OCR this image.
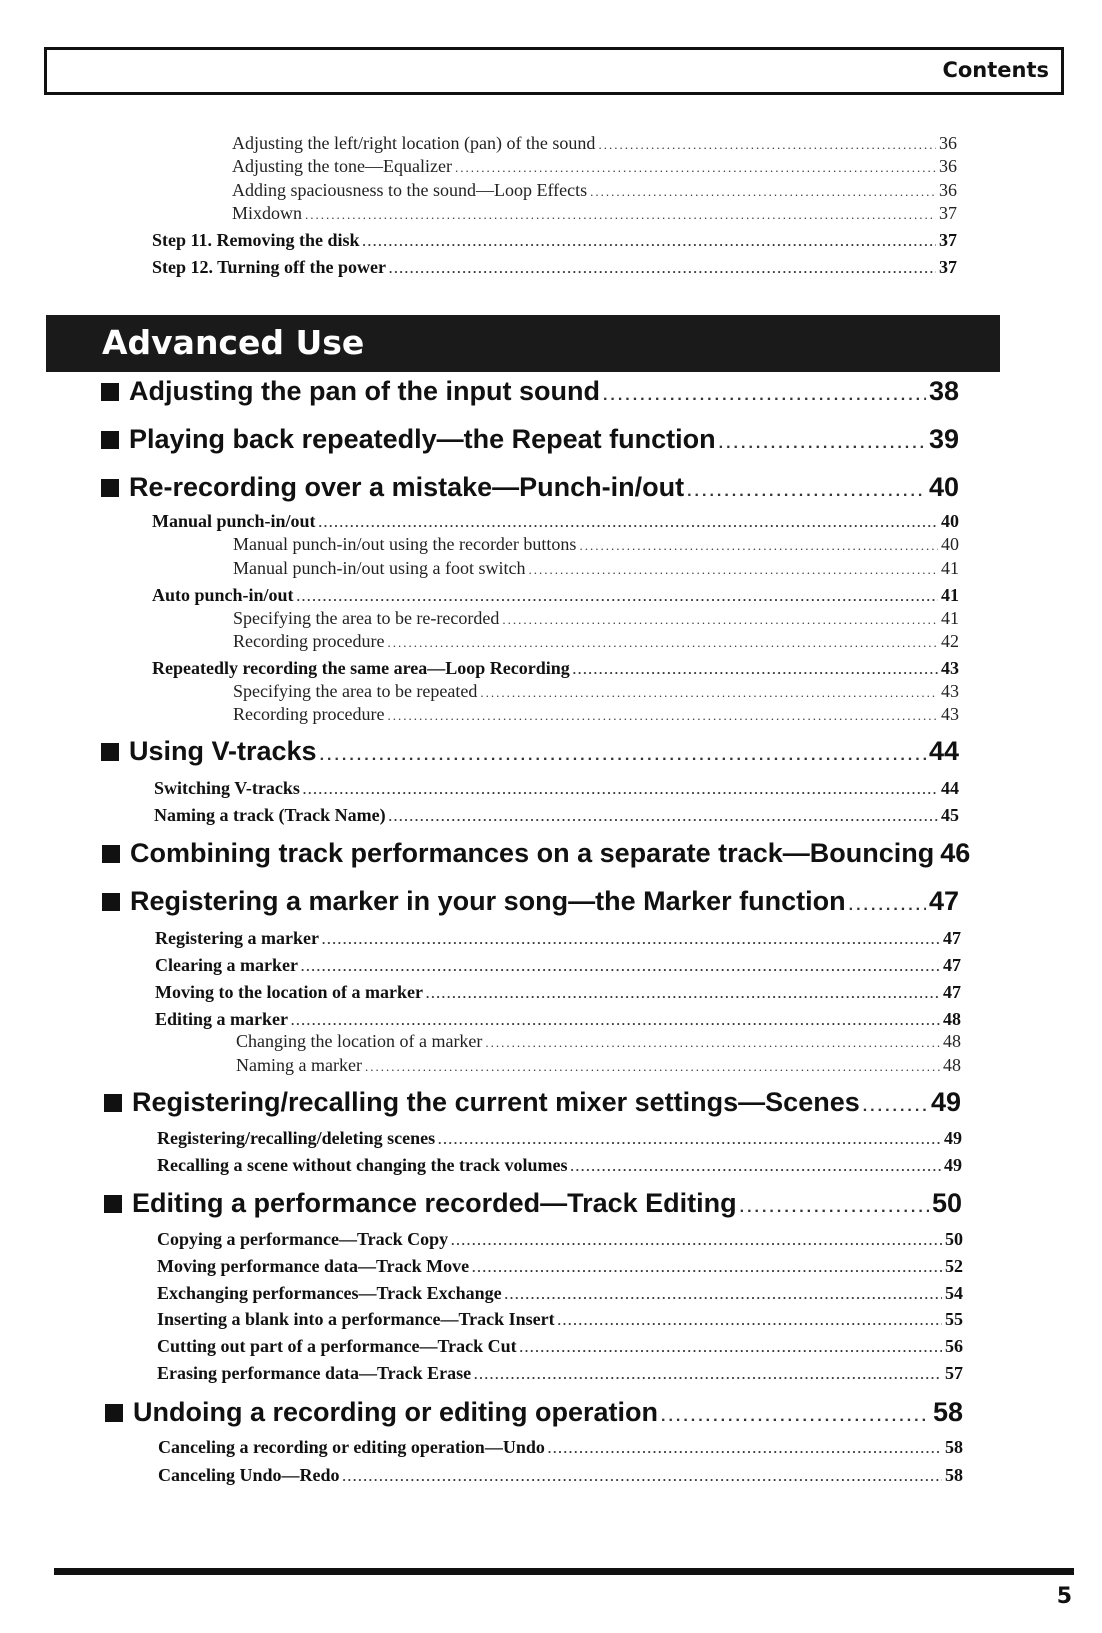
Contents
Adjusting the left/right location (pan) of the sound .....	36
Adjusting the tone—Equalizer .....	36
Adding spaciousness to the sound—Loop Effects .....	36
Mixdown .....	37
Step 11. Removing the disk .....	37
Step 12. Turning off the power .....	37
Advanced Use
Adjusting the pan of the input sound .....	38
Playing back repeatedly—the Repeat function .....	39
Re-recording over a mistake—Punch-in/out .....	40
Manual punch-in/out .....	40
Manual punch-in/out using the recorder buttons .....	40
Manual punch-in/out using a foot switch .....	41
Auto punch-in/out .....	41
Specifying the area to be re-recorded .....	41
Recording procedure .....	42
Repeatedly recording the same area—Loop Recording .....	43
Specifying the area to be repeated .....	43
Recording procedure .....	43
Using V-tracks .....	44
Switching V-tracks .....	44
Naming a track (Track Name) .....	45
Combining track performances on a separate track—Bouncing 46
Registering a marker in your song—the Marker function .....	47
Registering a marker .....	47
Clearing a marker .....	47
Moving to the location of a marker .....	47
Editing a marker .....	48
Changing the location of a marker .....	48
Naming a marker .....	48
Registering/recalling the current mixer settings—Scenes .....	49
Registering/recalling/deleting scenes .....	49
Recalling a scene without changing the track volumes .....	49
Editing a performance recorded—Track Editing .....	50
Copying a performance—Track Copy .....	50
Moving performance data—Track Move .....	52
Exchanging performances—Track Exchange .....	54
Inserting a blank into a performance—Track Insert .....	55
Cutting out part of a performance—Track Cut .....	56
Erasing performance data—Track Erase .....	57
Undoing a recording or editing operation .....	58
Canceling a recording or editing operation—Undo .....	58
Canceling Undo—Redo .....	58
5
